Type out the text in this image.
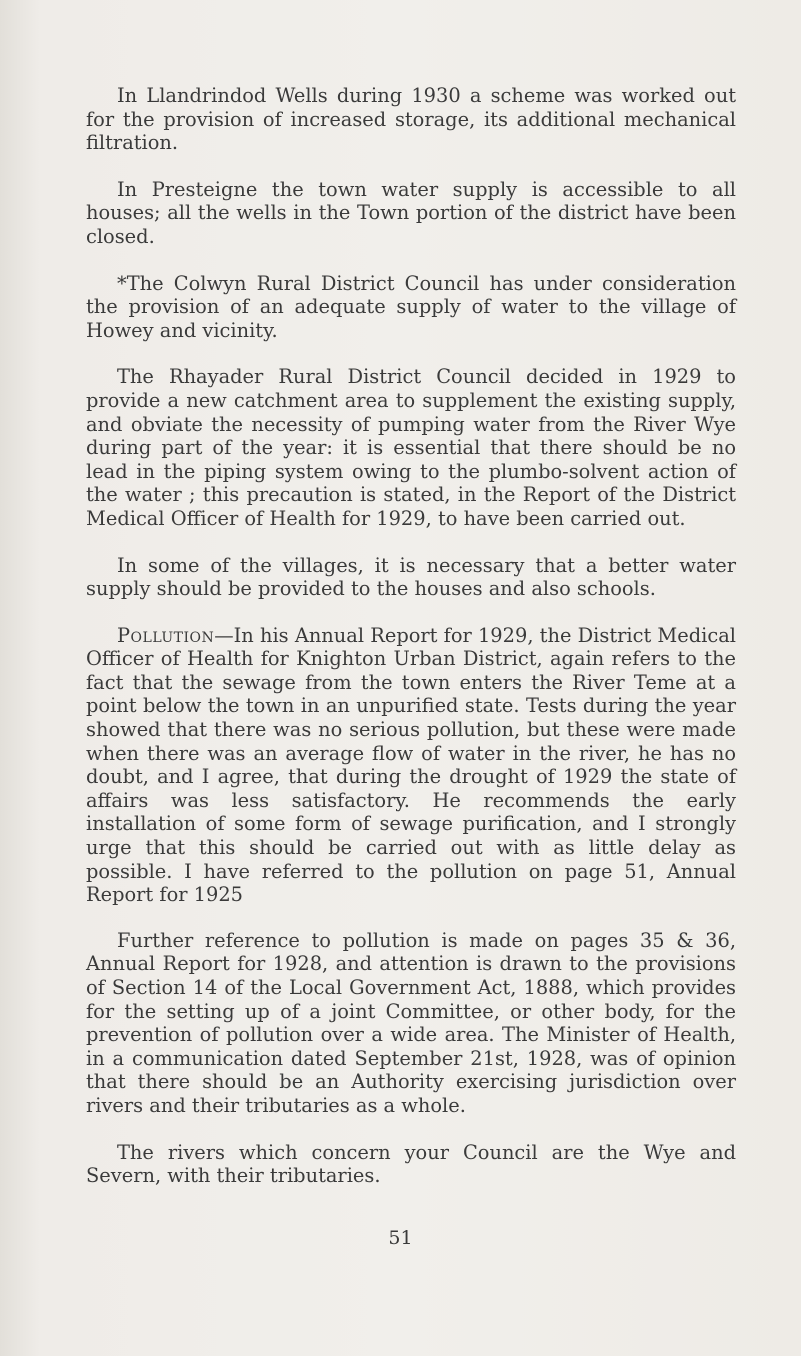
In Llandrindod Wells during 1930 a scheme was worked out for the provision of increased storage, its additional mechanical filtration.

In Presteigne the town water supply is accessible to all houses; all the wells in the Town portion of the district have been closed.

*The Colwyn Rural District Council has under consideration the provision of an adequate supply of water to the village of Howey and vicinity.

The Rhayader Rural District Council decided in 1929 to provide a new catchment area to supplement the existing supply, and obviate the necessity of pumping water from the River Wye during part of the year: it is essential that there should be no lead in the piping system owing to the plumbo-solvent action of the water ; this precaution is stated, in the Report of the District Medical Officer of Health for 1929, to have been carried out.

In some of the villages, it is necessary that a better water supply should be provided to the houses and also schools.

Pollution—In his Annual Report for 1929, the District Medical Officer of Health for Knighton Urban District, again refers to the fact that the sewage from the town enters the River Teme at a point below the town in an unpurified state. Tests during the year showed that there was no serious pollution, but these were made when there was an average flow of water in the river, he has no doubt, and I agree, that during the drought of 1929 the state of affairs was less satisfactory. He recommends the early installation of some form of sewage purification, and I strongly urge that this should be carried out with as little delay as possible. I have referred to the pollution on page 51, Annual Report for 1925

Further reference to pollution is made on pages 35 & 36, Annual Report for 1928, and attention is drawn to the provisions of Section 14 of the Local Government Act, 1888, which provides for the setting up of a joint Committee, or other body, for the prevention of pollution over a wide area. The Minister of Health, in a communication dated September 21st, 1928, was of opinion that there should be an Authority exercising jurisdiction over rivers and their tributaries as a whole.

The rivers which concern your Council are the Wye and Severn, with their tributaries.

51
